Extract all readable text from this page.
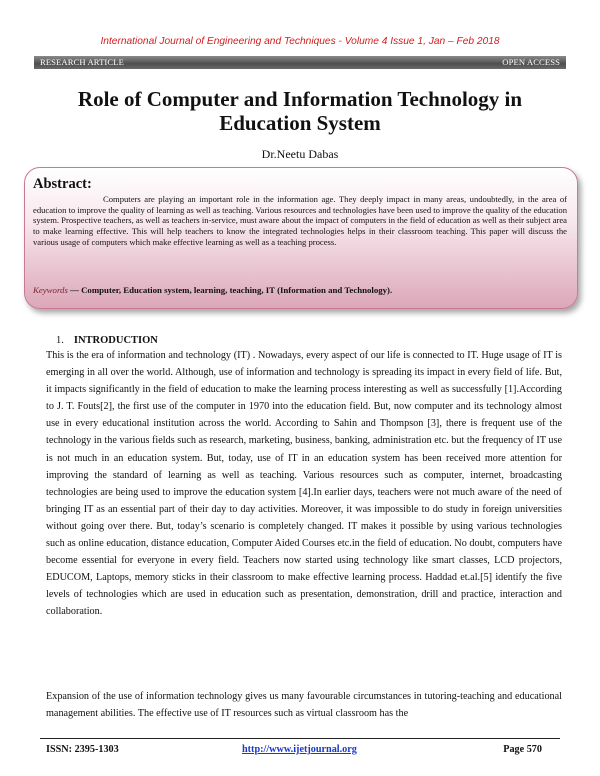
International Journal of Engineering and Techniques - Volume 4 Issue 1, Jan – Feb 2018
RESEARCH ARTICLE	OPEN ACCESS
Role of Computer and Information Technology in Education System
Dr.Neetu Dabas
Abstract:

Computers are playing an important role in the information age. They deeply impact in many areas, undoubtedly, in the area of education to improve the quality of learning as well as teaching. Various resources and technologies have been used to improve the quality of the education system. Prospective teachers, as well as teachers in-service, must aware about the impact of computers in the field of education as well as their subject area to make learning effective. This will help teachers to know the integrated technologies helps in their classroom teaching. This paper will discuss the various usage of computers which make effective learning as well as a teaching process.

Keywords — Computer, Education system, learning, teaching, IT (Information and Technology).

1. INTRODUCTION

This is the era of information and technology (IT) . Nowadays, every aspect of our life is connected to IT. Huge usage of IT is emerging in all over the world. Although, use of information and technology is spreading its impact in every field of life. But, it impacts significantly in the field of education to make the learning process interesting as well as successfully [1].According to J. T. Fouts[2], the first use of the computer in 1970 into the education field. But, now computer and its technology almost use in every educational institution across the world. According to Sahin and Thompson [3], there is frequent use of the technology in the various fields such as research, marketing, business, banking, administration etc. but the frequency of IT use is not much in an education system. But, today, use of IT in an education system has been received more attention for improving the standard of learning as well as teaching. Various resources such as computer, internet, broadcasting technologies are being used to improve the education system [4].In earlier days, teachers were not much aware of the need of bringing IT as an essential part of their day to day activities. Moreover, it was impossible to do study in foreign universities without going over there. But, today’s scenario is completely changed. IT makes it possible by using various technologies such as online education, distance education, Computer Aided Courses etc.in the field of education. No doubt, computers have become essential for everyone in every field. Teachers now started using technology like smart classes, LCD projectors, EDUCOM, Laptops, memory sticks in their classroom to make effective learning process. Haddad et.al.[5] identify the five levels of technologies which are used in education such as presentation, demonstration, drill and practice, interaction and collaboration.

Expansion of the use of information technology gives us many favourable circumstances in tutoring-teaching and educational management abilities. The effective use of IT resources such as virtual classroom has the

ISSN: 2395-1303	http://www.ijetjournal.org	Page 570
